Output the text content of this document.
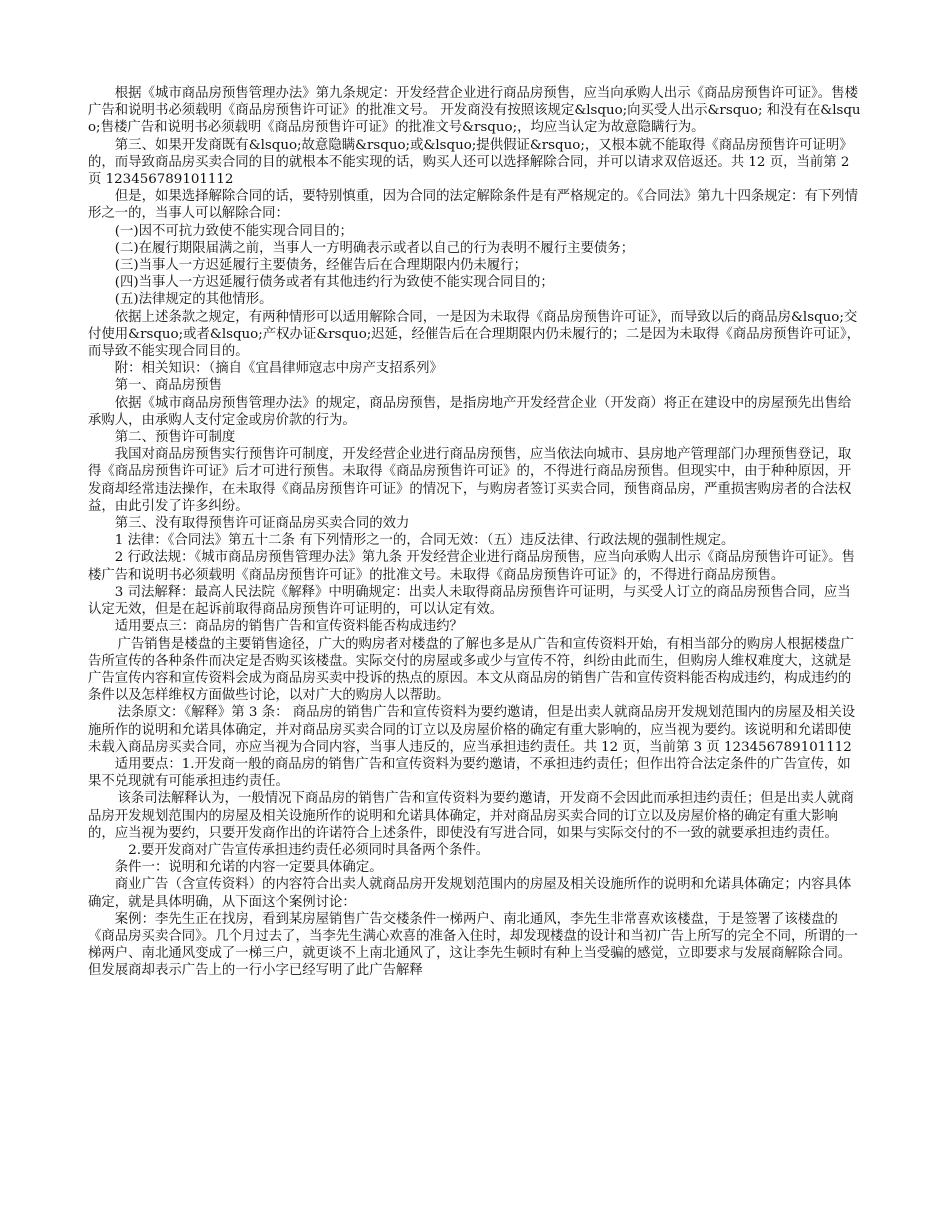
根据《城市商品房预售管理办法》第九条规定：开发经营企业进行商品房预售，应当向承购人出示《商品房预售许可证》。售楼广告和说明书必须载明《商品房预售许可证》的批准文号。 开发商没有按照该规定&lsquo;向买受人出示&rsquo; 和没有在&lsquo;售楼广告和说明书必须载明《商品房预售许可证》的批准文号&rsquo;，均应当认定为故意隐瞒行为。

第三、如果开发商既有&lsquo;故意隐瞒&rsquo;或&lsquo;提供假证&rsquo;，又根本就不能取得《商品房预售许可证明》的，而导致商品房买卖合同的目的就根本不能实现的话，购买人还可以选择解除合同，并可以请求双倍返还。共 12 页，当前第 2 页 123456789101112

但是，如果选择解除合同的话，要特别慎重，因为合同的法定解除条件是有严格规定的。《合同法》第九十四条规定：有下列情形之一的，当事人可以解除合同：

(一)因不可抗力致使不能实现合同目的；

(二)在履行期限届满之前，当事人一方明确表示或者以自己的行为表明不履行主要债务；

(三)当事人一方迟延履行主要债务，经催告后在合理期限内仍未履行；

(四)当事人一方迟延履行债务或者有其他违约行为致使不能实现合同目的；

(五)法律规定的其他情形。

依据上述条款之规定，有两种情形可以适用解除合同，一是因为未取得《商品房预售许可证》，而导致以后的商品房&lsquo;交付使用&rsquo;或者&lsquo;产权办证&rsquo;迟延，经催告后在合理期限内仍未履行的；二是因为未取得《商品房预售许可证》，而导致不能实现合同目的。

附：相关知识：（摘自《宜昌律师寇志中房产支招系列》

第一、商品房预售

依据《城市商品房预售管理办法》的规定，商品房预售，是指房地产开发经营企业（开发商）将正在建设中的房屋预先出售给承购人，由承购人支付定金或房价款的行为。

第二、预售许可制度

我国对商品房预售实行预售许可制度，开发经营企业进行商品房预售，应当依法向城市、县房地产管理部门办理预售登记，取得《商品房预售许可证》后才可进行预售。未取得《商品房预售许可证》的，不得进行商品房预售。但现实中，由于种种原因，开发商却经常违法操作，在未取得《商品房预售许可证》的情况下，与购房者签订买卖合同，预售商品房，严重损害购房者的合法权益，由此引发了许多纠纷。

第三、没有取得预售许可证商品房买卖合同的效力

1 法律：《合同法》第五十二条 有下列情形之一的，合同无效：（五）违反法律、行政法规的强制性规定。

2 行政法规：《城市商品房预售管理办法》第九条 开发经营企业进行商品房预售，应当向承购人出示《商品房预售许可证》。售楼广告和说明书必须载明《商品房预售许可证》的批准文号。未取得《商品房预售许可证》的，不得进行商品房预售。

3 司法解释：最高人民法院《解释》中明确规定：出卖人未取得商品房预售许可证明，与买受人订立的商品房预售合同，应当认定无效，但是在起诉前取得商品房预售许可证明的，可以认定有效。

适用要点三：商品房的销售广告和宣传资料能否构成违约？

广告销售是楼盘的主要销售途径，广大的购房者对楼盘的了解也多是从广告和宣传资料开始，有相当部分的购房人根据楼盘广告所宣传的各种条件而决定是否购买该楼盘。实际交付的房屋或多或少与宣传不符，纠纷由此而生，但购房人维权难度大，这就是广告宣传内容和宣传资料会成为商品房买卖中投诉的热点的原因。本文从商品房的销售广告和宣传资料能否构成违约，构成违约的条件以及怎样维权方面做些讨论，以对广大的购房人以帮助。

法条原文：《解释》第 3 条： 商品房的销售广告和宣传资料为要约邀请，但是出卖人就商品房开发规划范围内的房屋及相关设施所作的说明和允诺具体确定，并对商品房买卖合同的订立以及房屋价格的确定有重大影响的，应当视为要约。该说明和允诺即使未载入商品房买卖合同，亦应当视为合同内容，当事人违反的，应当承担违约责任。共 12 页，当前第 3 页 123456789101112

适用要点：1.开发商一般的商品房的销售广告和宣传资料为要约邀请，不承担违约责任；但作出符合法定条件的广告宣传，如果不兑现就有可能承担违约责任。

该条司法解释认为，一般情况下商品房的销售广告和宣传资料为要约邀请，开发商不会因此而承担违约责任；但是出卖人就商品房开发规划范围内的房屋及相关设施所作的说明和允诺具体确定，并对商品房买卖合同的订立以及房屋价格的确定有重大影响的，应当视为要约，只要开发商作出的许诺符合上述条件，即使没有写进合同，如果与实际交付的不一致的就要承担违约责任。

2.要开发商对广告宣传承担违约责任必须同时具备两个条件。

条件一：说明和允诺的内容一定要具体确定。

商业广告（含宣传资料）的内容符合出卖人就商品房开发规划范围内的房屋及相关设施所作的说明和允诺具体确定；内容具体确定，就是具体明确，从下面这个案例讨论：

案例：李先生正在找房，看到某房屋销售广告交楼条件一梯两户、南北通风，李先生非常喜欢该楼盘，于是签署了该楼盘的《商品房买卖合同》。几个月过去了，当李先生满心欢喜的准备入住时，却发现楼盘的设计和当初广告上所写的完全不同，所谓的一梯两户、南北通风变成了一梯三户，就更谈不上南北通风了，这让李先生顿时有种上当受骗的感觉，立即要求与发展商解除合同。但发展商却表示广告上的一行小字已经写明了此广告解释
